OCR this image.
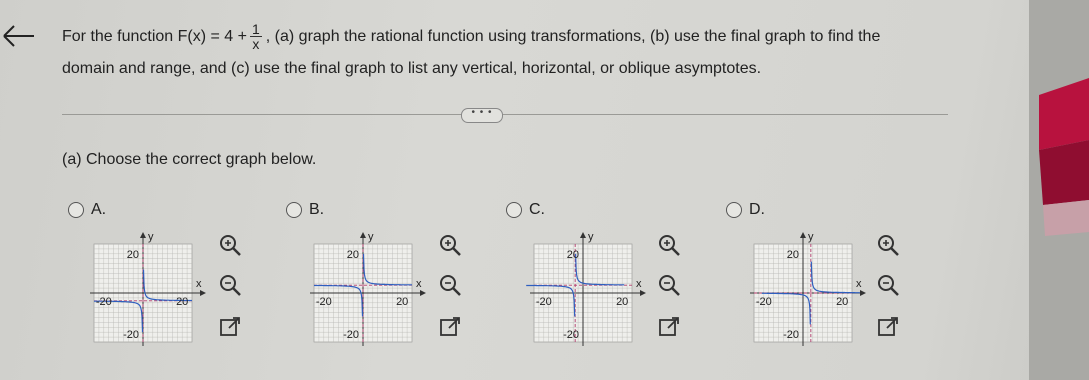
For the function
$F(x) = 4 + \frac{1}{x}$ , (a) graph the rational function using transformations, (b) use the final graph to find the
domain and range, and (c) use the final graph to list any vertical, horizontal, or oblique asymptotes.
• • •
(a) Choose the correct graph below.
A.	B.	C.	D.
y
x
20
-20
-20	20
y
x
20
-20
-20	20
y
x
20
-20
-20	20
y
x
20
-20
-20	20
